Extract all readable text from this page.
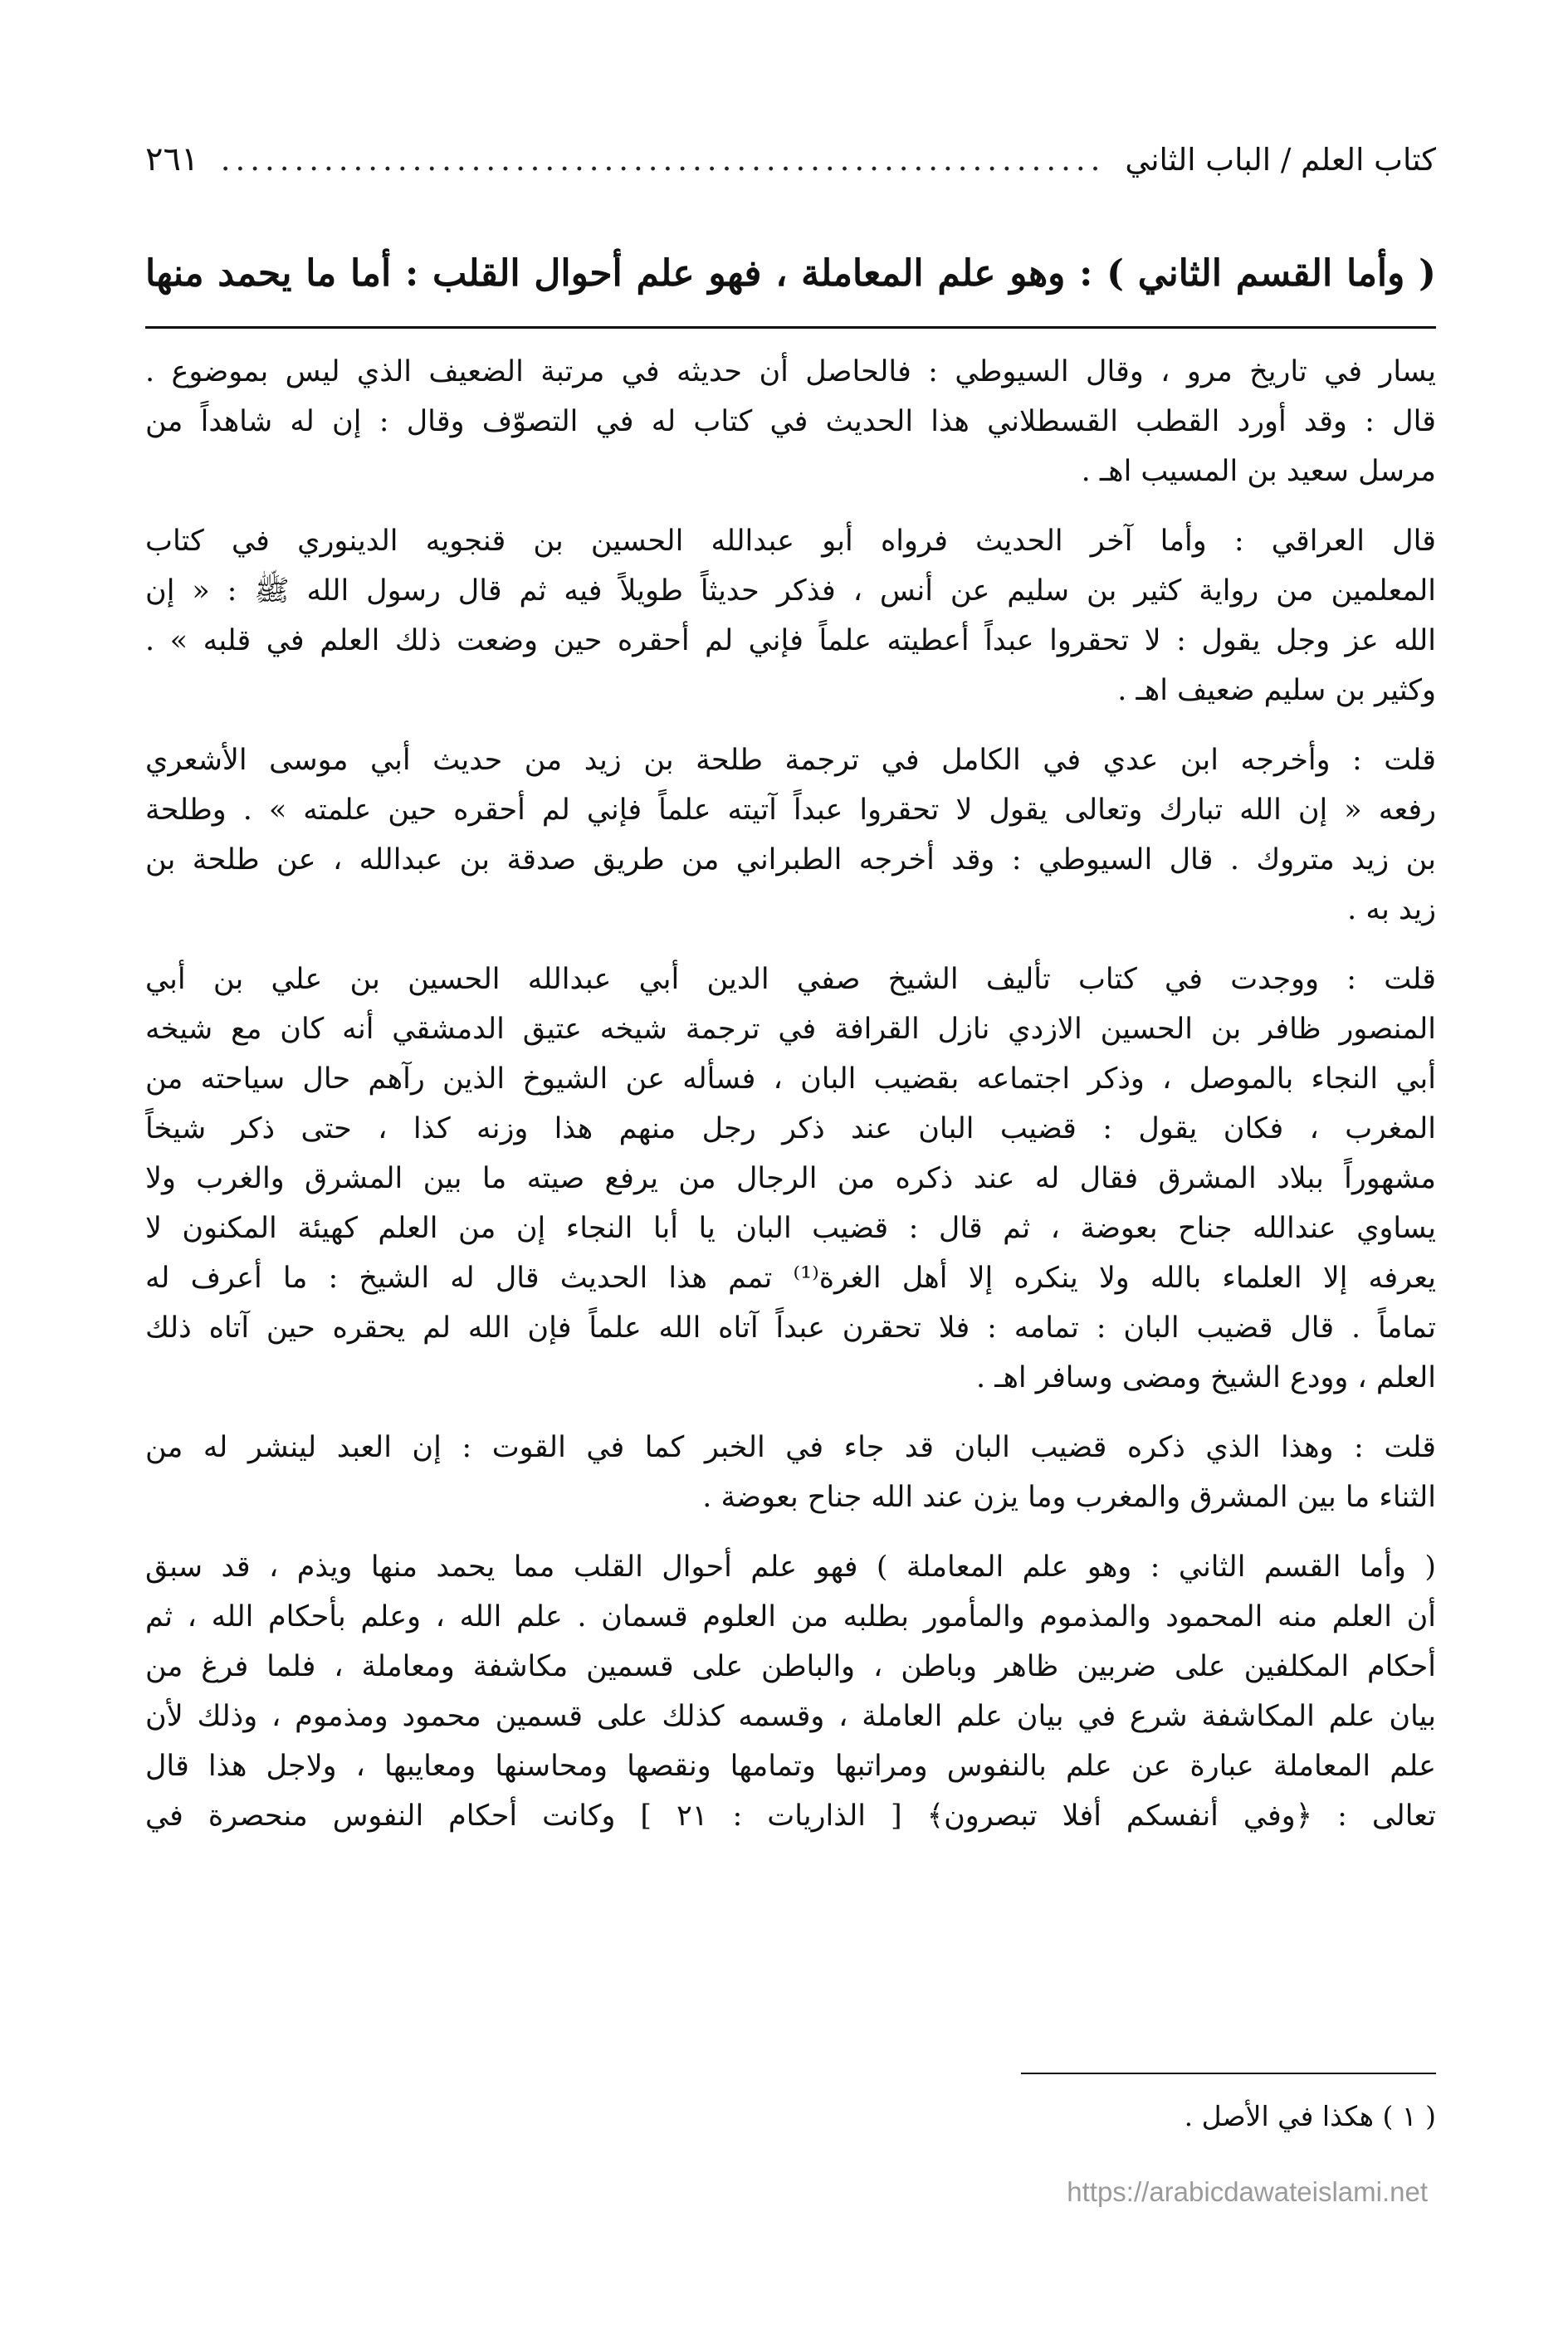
كتاب العلم / الباب الثاني
............................................................
٢٦١
( وأما القسم الثاني ) : وهو علم المعاملة ، فهو علم أحوال القلب : أما ما يحمد منها
يسار في تاريخ مرو ، وقال السيوطي : فالحاصل أن حديثه في مرتبة الضعيف الذي ليس بموضوع .
قال : وقد أورد القطب القسطلاني هذا الحديث في كتاب له في التصوّف وقال : إن له شاهداً من
مرسل سعيد بن المسيب اهـ .
قال العراقي : وأما آخر الحديث فرواه أبو عبدالله الحسين بن قنجويه الدينوري في كتاب
المعلمين من رواية كثير بن سليم عن أنس ، فذكر حديثاً طويلاً فيه ثم قال رسول الله ﷺ : « إن
الله عز وجل يقول : لا تحقروا عبداً أعطيته علماً فإني لم أحقره حين وضعت ذلك العلم في قلبه » .
وكثير بن سليم ضعيف اهـ .
قلت : وأخرجه ابن عدي في الكامل في ترجمة طلحة بن زيد من حديث أبي موسى الأشعري
رفعه « إن الله تبارك وتعالى يقول لا تحقروا عبداً آتيته علماً فإني لم أحقره حين علمته » . وطلحة
بن زيد متروك . قال السيوطي : وقد أخرجه الطبراني من طريق صدقة بن عبدالله ، عن طلحة بن
زيد به .
قلت : ووجدت في كتاب تأليف الشيخ صفي الدين أبي عبدالله الحسين بن علي بن أبي
المنصور ظافر بن الحسين الازدي نازل القرافة في ترجمة شيخه عتيق الدمشقي أنه كان مع شيخه
أبي النجاء بالموصل ، وذكر اجتماعه بقضيب البان ، فسأله عن الشيوخ الذين رآهم حال سياحته من
المغرب ، فكان يقول : قضيب البان عند ذكر رجل منهم هذا وزنه كذا ، حتى ذكر شيخاً
مشهوراً ببلاد المشرق فقال له عند ذكره من الرجال من يرفع صيته ما بين المشرق والغرب ولا
يساوي عندالله جناح بعوضة ، ثم قال : قضيب البان يا أبا النجاء إن من العلم كهيئة المكنون لا
يعرفه إلا العلماء بالله ولا ينكره إلا أهل الغرة⁽¹⁾ تمم هذا الحديث قال له الشيخ : ما أعرف له
تماماً . قال قضيب البان : تمامه : فلا تحقرن عبداً آتاه الله علماً فإن الله لم يحقره حين آتاه ذلك
العلم ، وودع الشيخ ومضى وسافر اهـ .
قلت : وهذا الذي ذكره قضيب البان قد جاء في الخبر كما في القوت : إن العبد لينشر له من
الثناء ما بين المشرق والمغرب وما يزن عند الله جناح بعوضة .
( وأما القسم الثاني : وهو علم المعاملة ) فهو علم أحوال القلب مما يحمد منها ويذم ، قد سبق
أن العلم منه المحمود والمذموم والمأمور بطلبه من العلوم قسمان . علم الله ، وعلم بأحكام الله ، ثم
أحكام المكلفين على ضربين ظاهر وباطن ، والباطن على قسمين مكاشفة ومعاملة ، فلما فرغ من
بيان علم المكاشفة شرع في بيان علم العاملة ، وقسمه كذلك على قسمين محمود ومذموم ، وذلك لأن
علم المعاملة عبارة عن علم بالنفوس ومراتبها وتمامها ونقصها ومحاسنها ومعايبها ، ولاجل هذا قال
تعالى : ﴿وفي أنفسكم أفلا تبصرون﴾ [ الذاريات : ٢١ ] وكانت أحكام النفوس منحصرة في
( ١ ) هكذا في الأصل .
https://arabicdawateislami.net
